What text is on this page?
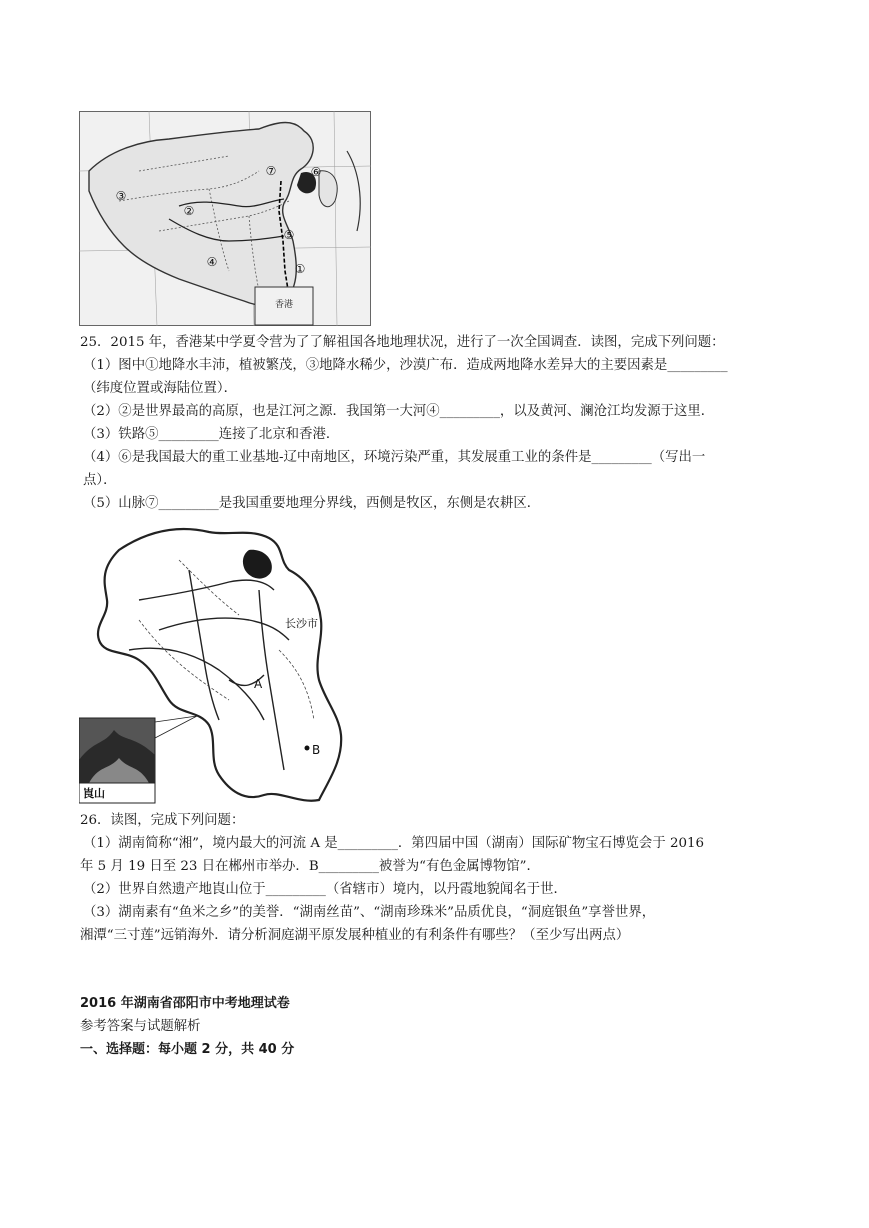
①
②
③
④
⑤
⑥
⑦
香港
25．2015 年，香港某中学夏令营为了了解祖国各地地理状况，进行了一次全国调查．读图，完成下列问题：
（1）图中①地降水丰沛，植被繁茂，③地降水稀少，沙漠广布．造成两地降水差异大的主要因素是_________
（纬度位置或海陆位置）．
（2）②是世界最高的高原，也是江河之源．我国第一大河④_________，以及黄河、澜沧江均发源于这里．
（3）铁路⑤_________连接了北京和香港．
（4）⑥是我国最大的重工业基地-辽中南地区，环境污染严重，其发展重工业的条件是_________（写出一
点）．
（5）山脉⑦_________是我国重要地理分界线，西侧是牧区，东侧是农耕区．
长沙市
A
B
崀山
26．读图，完成下列问题：
（1）湖南简称“湘”，境内最大的河流 A 是_________．第四届中国（湖南）国际矿物宝石博览会于 2016
年 5 月 19 日至 23 日在郴州市举办．B_________被誉为“有色金属博物馆”．
（2）世界自然遗产地崀山位于_________（省辖市）境内，以丹霞地貌闻名于世．
（3）湖南素有“鱼米之乡”的美誉．“湖南丝苗”、“湖南珍珠米”品质优良，“洞庭银鱼”享誉世界，
湘潭“三寸莲”远销海外．请分析洞庭湖平原发展种植业的有利条件有哪些？（至少写出两点）
2016 年湖南省邵阳市中考地理试卷
参考答案与试题解析
一、选择题：每小题 2 分，共 40 分
